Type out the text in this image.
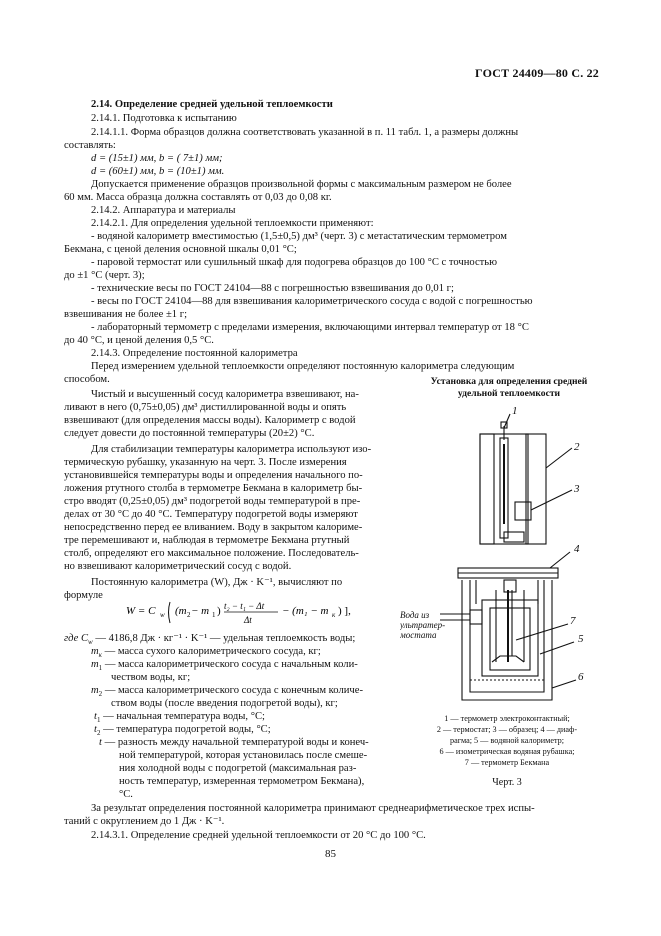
ГОСТ 24409—80 С. 22
2.14. Определение средней удельной теплоемкости
2.14.1. Подготовка к испытанию
2.14.1.1. Форма образцов должна соответствовать указанной в п. 11 табл. 1, а размеры должны
составлять:
d = (15±1) мм, b = ( 7±1) мм;
d = (60±1) мм, b = (10±1) мм.
Допускается применение образцов произвольной формы с максимальным размером не более
60 мм. Масса образца должна составлять от 0,03 до 0,08 кг.
2.14.2. Аппаратура и материалы
2.14.2.1. Для определения удельной теплоемкости применяют:
- водяной калориметр вместимостью (1,5±0,5) дм³ (черт. 3) с метастатическим термометром
Бекмана, с ценой деления основной шкалы 0,01 °С;
- паровой термостат или сушильный шкаф для подогрева образцов до 100 °С с точностью
до ±1 °С (черт. 3);
- технические весы по ГОСТ 24104—88 с погрешностью взвешивания до 0,01 г;
- весы по ГОСТ 24104—88 для взвешивания калориметрического сосуда с водой с погрешностью
взвешивания не более ±1 г;
- лабораторный термометр с пределами измерения, включающими интервал температур от 18 °С
до 40 °С, и ценой деления 0,5 °С.
2.14.3. Определение постоянной калориметра
Перед измерением удельной теплоемкости определяют постоянную калориметра следующим
способом.
Чистый и высушенный сосуд калориметра взвешивают, на-
ливают в него (0,75±0,05) дм³ дистиллированной воды и опять
взвешивают (для определения массы воды). Калориметр с водой
следует довести до постоянной температуры (20±2) °С.
Для стабилизации температуры калориметра используют изо-
термическую рубашку, указанную на черт. 3. После измерения
установившейся температуры воды и определения начального по-
ложения ртутного столба в термометре Бекмана в калориметр бы-
стро вводят (0,25±0,05) дм³ подогретой воды температурой в пре-
делах от 30 °С до 40 °С. Температуру подогретой воды измеряют
непосредственно перед ее вливанием. Воду в закрытом калориме-
тре перемешивают и, наблюдая в термометре Бекмана ртутный
столб, определяют его максимальное положение. Последователь-
но взвешивают калориметрический сосуд с водой.
Постоянную калориметра (W), Дж · K⁻¹, вычисляют по
формуле
W = C w (m 2 − m 1 ) t₂ − t₁ − Δt
Δt
− (m₁ − m к ) ],
где $C_w$ — 4186,8 Дж · кг⁻¹ · K⁻¹ — удельная теплоемкость воды;
$m_к$ — масса сухого калориметрического сосуда, кг;
$m_1$ — масса калориметрического сосуда с начальным коли-
чеством воды, кг;
$m_2$ — масса калориметрического сосуда с конечным количе-
ством воды (после введения подогретой воды), кг;
$t_1$ — начальная температура воды, °С;
$t_2$ — температура подогретой воды, °С;
t — разность между начальной температурой воды и конеч-
ной температурой, которая установилась после смеше-
ния холодной воды с подогретой (максимальная раз-
ность температур, измеренная термометром Бекмана),
°С.
За результат определения постоянной калориметра принимают среднеарифметическое трех испы-
таний с округлением до 1 Дж · K⁻¹.
2.14.3.1. Определение средней удельной теплоемкости от 20 °С до 100 °С.
Установка для определения средней
удельной теплоемкости
1
2
3
4
7
5
6
Вода из
ультратер-
мостата
1 — термометр электроконтактный;
2 — термостат; 3 — образец; 4 — диаф-
рагма; 5 — водяной калориметр;
6 — изометрическая водяная рубашка;
7 — термометр Бекмана
Черт. 3
85
